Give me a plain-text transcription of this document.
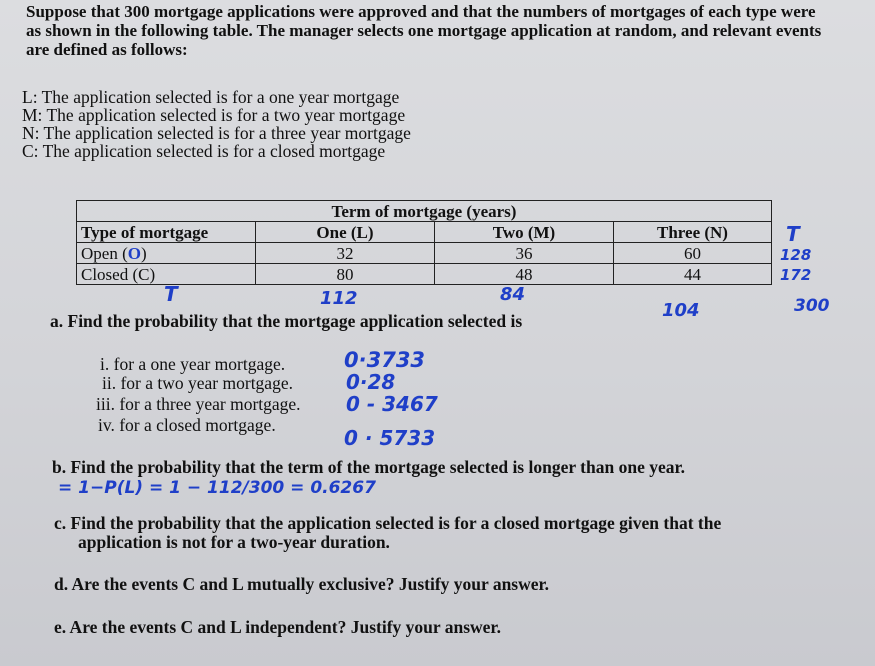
Suppose that 300 mortgage applications were approved and that the numbers of mortgages of each type were as shown in the following table. The manager selects one mortgage application at random, and relevant events are defined as follows:
L: The application selected is for a one year mortgage
M: The application selected is for a two year mortgage
N: The application selected is for a three year mortgage
C: The application selected is for a closed mortgage
Term of mortgage (years)			
Type of mortgage	One (L)	Two (M)	Three (N)
Open (O)	32	36	60
Closed (C)	80	48	44
T
128
172
T	112	84
104	300
a. Find the probability that the mortgage application selected is
i. for a one year mortgage.	0·3733
ii. for a two year mortgage.	0·28
iii. for a three year mortgage. 0 - 3467
iv. for a closed mortgage.
0 · 5733
b. Find the probability that the term of the mortgage selected is longer than one year.
= 1−P(L) = 1 − 112/300 = 0.6267
c. Find the probability that the application selected is for a closed mortgage given that the
application is not for a two-year duration.
d. Are the events C and L mutually exclusive? Justify your answer.
e. Are the events C and L independent? Justify your answer.
